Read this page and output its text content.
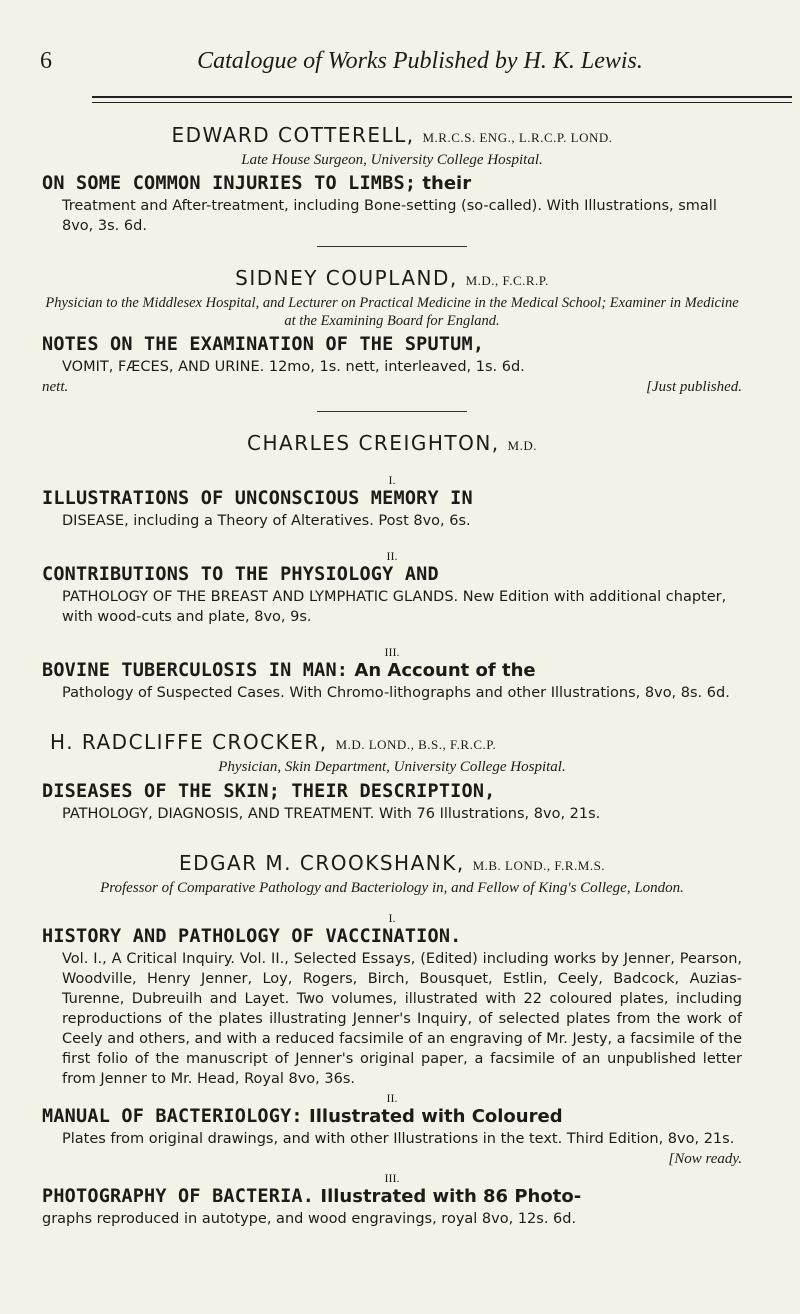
6	Catalogue of Works Published by H. K. Lewis.
EDWARD COTTERELL, M.R.C.S. ENG., L.R.C.P. LOND.
Late House Surgeon, University College Hospital.
ON SOME COMMON INJURIES TO LIMBS; their
Treatment and After-treatment, including Bone-setting (so-called). With Illustrations, small 8vo, 3s. 6d.
SIDNEY COUPLAND, M.D., F.C.R.P.
Physician to the Middlesex Hospital, and Lecturer on Practical Medicine in the Medical School; Examiner in Medicine at the Examining Board for England.
NOTES ON THE EXAMINATION OF THE SPUTUM,
VOMIT, FÆCES, AND URINE. 12mo, 1s. nett, interleaved, 1s. 6d.
nett.	[Just published.
CHARLES CREIGHTON, M.D.
I.
ILLUSTRATIONS OF UNCONSCIOUS MEMORY IN
DISEASE, including a Theory of Alteratives. Post 8vo, 6s.
II.
CONTRIBUTIONS TO THE PHYSIOLOGY AND
PATHOLOGY OF THE BREAST AND LYMPHATIC GLANDS. New Edition with additional chapter, with wood-cuts and plate, 8vo, 9s.
III.
BOVINE TUBERCULOSIS IN MAN: An Account of the
Pathology of Suspected Cases. With Chromo-lithographs and other Illustrations, 8vo, 8s. 6d.
H. RADCLIFFE CROCKER, M.D. LOND., B.S., F.R.C.P.
Physician, Skin Department, University College Hospital.
DISEASES OF THE SKIN; THEIR DESCRIPTION,
PATHOLOGY, DIAGNOSIS, AND TREATMENT. With 76 Illustrations, 8vo, 21s.
EDGAR M. CROOKSHANK, M.B. LOND., F.R.M.S.
Professor of Comparative Pathology and Bacteriology in, and Fellow of King's College, London.
I.
HISTORY AND PATHOLOGY OF VACCINATION.
Vol. I., A Critical Inquiry. Vol. II., Selected Essays, (Edited) including works by Jenner, Pearson, Woodville, Henry Jenner, Loy, Rogers, Birch, Bousquet, Estlin, Ceely, Badcock, Auzias-Turenne, Dubreuilh and Layet. Two volumes, illustrated with 22 coloured plates, including reproductions of the plates illustrating Jenner's Inquiry, of selected plates from the work of Ceely and others, and with a reduced facsimile of an engraving of Mr. Jesty, a facsimile of the first folio of the manuscript of Jenner's original paper, a facsimile of an unpublished letter from Jenner to Mr. Head, Royal 8vo, 36s.
II.
MANUAL OF BACTERIOLOGY: Illustrated with Coloured
Plates from original drawings, and with other Illustrations in the text. Third Edition, 8vo, 21s.
[Now ready.
III.
PHOTOGRAPHY OF BACTERIA. Illustrated with 86 Photo-
graphs reproduced in autotype, and wood engravings, royal 8vo, 12s. 6d.
